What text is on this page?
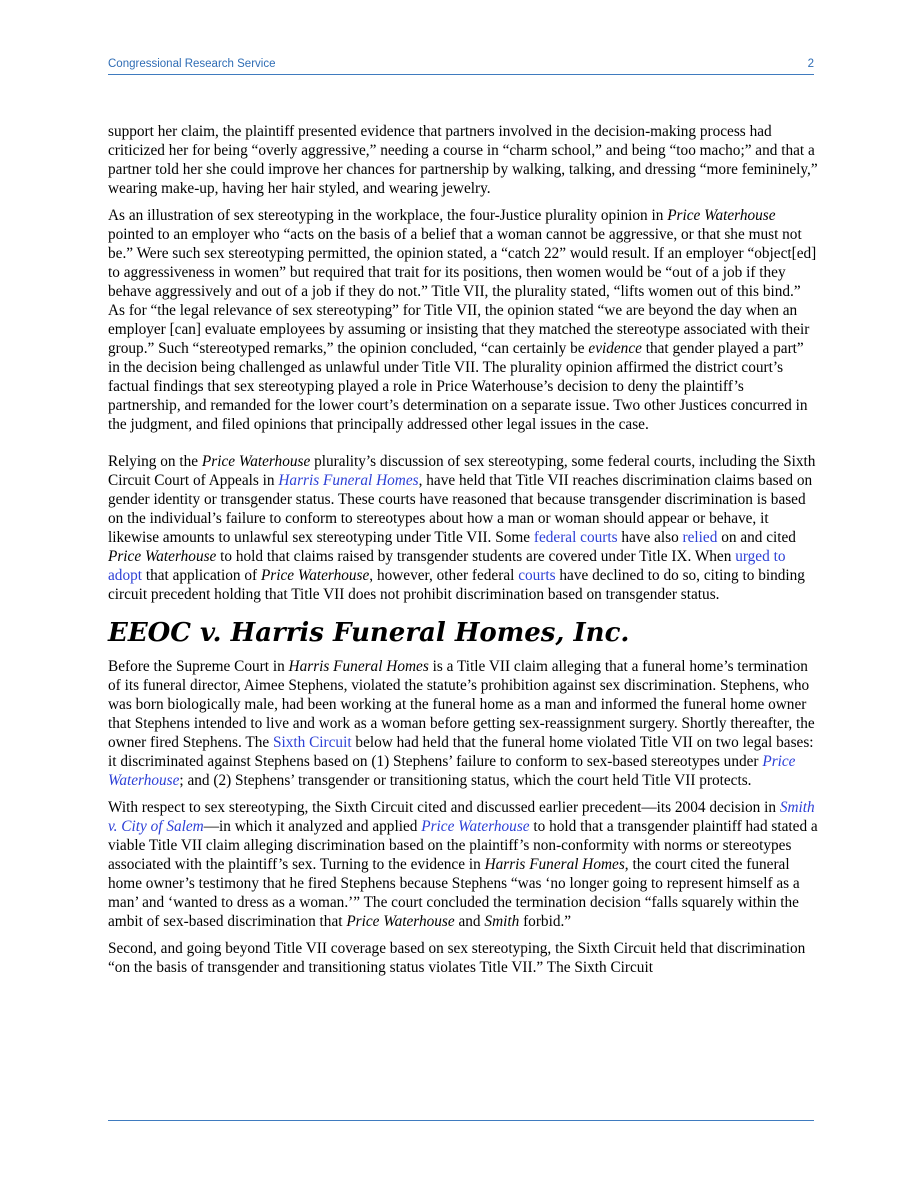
Congressional Research Service	2

support her claim, the plaintiff presented evidence that partners involved in the decision-making process had criticized her for being “overly aggressive,” needing a course in “charm school,” and being “too macho;” and that a partner told her she could improve her chances for partnership by walking, talking, and dressing “more femininely,” wearing make-up, having her hair styled, and wearing jewelry.

As an illustration of sex stereotyping in the workplace, the four-Justice plurality opinion in Price Waterhouse pointed to an employer who “acts on the basis of a belief that a woman cannot be aggressive, or that she must not be.” Were such sex stereotyping permitted, the opinion stated, a “catch 22” would result. If an employer “object[ed] to aggressiveness in women” but required that trait for its positions, then women would be “out of a job if they behave aggressively and out of a job if they do not.” Title VII, the plurality stated, “lifts women out of this bind.” As for “the legal relevance of sex stereotyping” for Title VII, the opinion stated “we are beyond the day when an employer [can] evaluate employees by assuming or insisting that they matched the stereotype associated with their group.” Such “stereotyped remarks,” the opinion concluded, “can certainly be evidence that gender played a part” in the decision being challenged as unlawful under Title VII. The plurality opinion affirmed the district court’s factual findings that sex stereotyping played a role in Price Waterhouse’s decision to deny the plaintiff’s partnership, and remanded for the lower court’s determination on a separate issue. Two other Justices concurred in the judgment, and filed opinions that principally addressed other legal issues in the case.

Relying on the Price Waterhouse plurality’s discussion of sex stereotyping, some federal courts, including the Sixth Circuit Court of Appeals in Harris Funeral Homes, have held that Title VII reaches discrimination claims based on gender identity or transgender status. These courts have reasoned that because transgender discrimination is based on the individual’s failure to conform to stereotypes about how a man or woman should appear or behave, it likewise amounts to unlawful sex stereotyping under Title VII. Some federal courts have also relied on and cited Price Waterhouse to hold that claims raised by transgender students are covered under Title IX. When urged to adopt that application of Price Waterhouse, however, other federal courts have declined to do so, citing to binding circuit precedent holding that Title VII does not prohibit discrimination based on transgender status.

EEOC v. Harris Funeral Homes, Inc.

Before the Supreme Court in Harris Funeral Homes is a Title VII claim alleging that a funeral home’s termination of its funeral director, Aimee Stephens, violated the statute’s prohibition against sex discrimination. Stephens, who was born biologically male, had been working at the funeral home as a man and informed the funeral home owner that Stephens intended to live and work as a woman before getting sex-reassignment surgery. Shortly thereafter, the owner fired Stephens. The Sixth Circuit below had held that the funeral home violated Title VII on two legal bases: it discriminated against Stephens based on (1) Stephens’ failure to conform to sex-based stereotypes under Price Waterhouse; and (2) Stephens’ transgender or transitioning status, which the court held Title VII protects.

With respect to sex stereotyping, the Sixth Circuit cited and discussed earlier precedent—its 2004 decision in Smith v. City of Salem—in which it analyzed and applied Price Waterhouse to hold that a transgender plaintiff had stated a viable Title VII claim alleging discrimination based on the plaintiff’s non-conformity with norms or stereotypes associated with the plaintiff’s sex. Turning to the evidence in Harris Funeral Homes, the court cited the funeral home owner’s testimony that he fired Stephens because Stephens “was ‘no longer going to represent himself as a man’ and ‘wanted to dress as a woman.’” The court concluded the termination decision “falls squarely within the ambit of sex-based discrimination that Price Waterhouse and Smith forbid.”

Second, and going beyond Title VII coverage based on sex stereotyping, the Sixth Circuit held that discrimination “on the basis of transgender and transitioning status violates Title VII.” The Sixth Circuit
